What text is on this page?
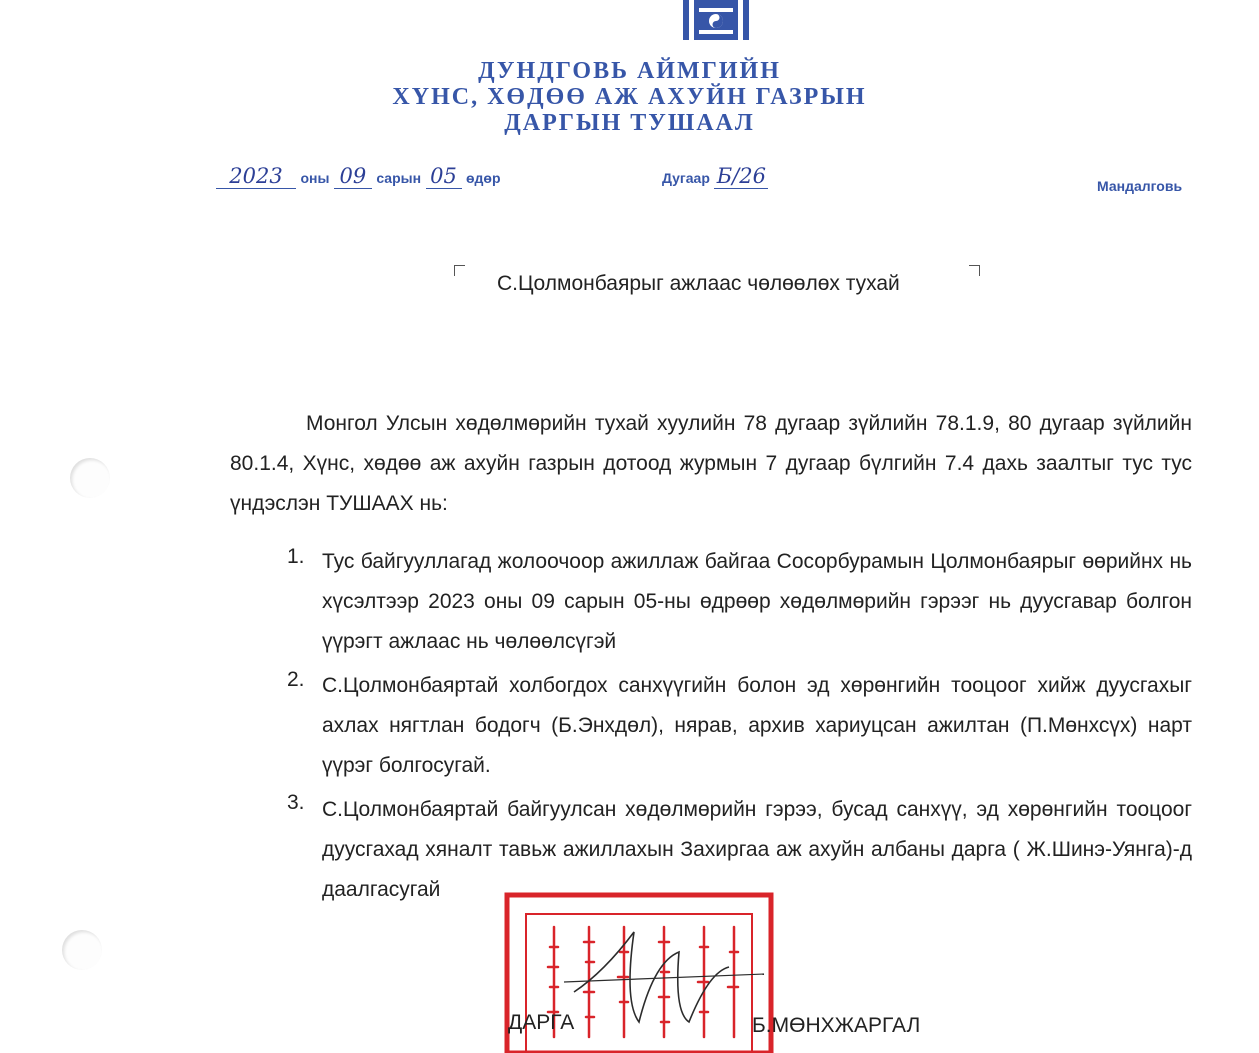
ДУНДГОВЬ АЙМГИЙН
ХҮНС, ХӨДӨӨ АЖ АХУЙН ГАЗРЫН
ДАРГЫН ТУШААЛ
2023 оны 09 сарын 05 өдөр	Дугаар Б/26	Мандалговь
С.Цолмонбаярыг ажлаас чөлөөлөх тухай
Монгол Улсын хөдөлмөрийн тухай хуулийн 78 дугаар зүйлийн 78.1.9, 80 дугаар зүйлийн 80.1.4, Хүнс, хөдөө аж ахуйн газрын дотоод журмын 7 дугаар бүлгийн 7.4 дахь заалтыг тус тус үндэслэн ТУШААХ нь:
1. Тус байгууллагад жолоочоор ажиллаж байгаа Сосорбурамын Цолмонбаярыг өөрийнх нь хүсэлтээр 2023 оны 09 сарын 05-ны өдрөөр хөдөлмөрийн гэрээг нь дуусгавар болгон үүрэгт ажлаас нь чөлөөлсүгэй
2. С.Цолмонбаяртай холбогдох санхүүгийн болон эд хөрөнгийн тооцоог хийж дуусгахыг ахлах нягтлан бодогч (Б.Энхдөл), нярав, архив хариуцсан ажилтан (П.Мөнхсүх) нарт үүрэг болгосугай.
3. С.Цолмонбаяртай байгуулсан хөдөлмөрийн гэрээ, бусад санхүү, эд хөрөнгийн тооцоог дуусгахад хяналт тавьж ажиллахын Захиргаа аж ахуйн албаны дарга ( Ж.Шинэ-Уянга)-д даалгасугай
ДАРГА	Б.МӨНХЖАРГАЛ
